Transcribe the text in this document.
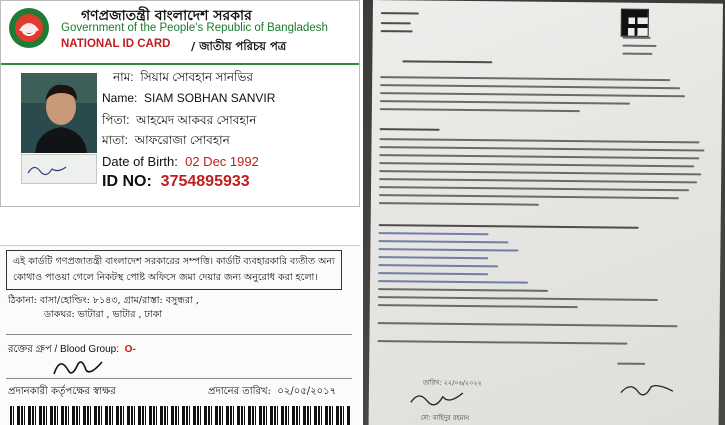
গণপ্রজাতন্ত্রী বাংলাদেশ সরকার
Government of the People's Republic of Bangladesh
NATIONAL ID CARD / জাতীয় পরিচয় পত্র
নাম: সিয়াম সোবহান সানভির
Name: SIAM SOBHAN SANVIR
পিতা: আহমেদ আকবর সোবহান
মাতা: আফরোজা সোবহান
Date of Birth: 02 Dec 1992
ID NO: 3754895933
এই কার্ডটি গণপ্রজাতন্ত্রী বাংলাদেশ সরকারের সম্পত্তি। কার্ডটি ব্যবহারকারি ব্যতীত অন্য কোথাও পাওয়া গেলে নিকটস্থ পোষ্ট অফিসে জমা দেয়ার জন্য অনুরোধ করা হলো।
ঠিকানা: বাসা/হোল্ডিং: ৮১৪৩, গ্রাম/রাস্তা: বসুন্ধরা ,
ডাকঘর: ভাটারা , ভাটার , ঢাকা
রক্তের গ্রুপ / Blood Group: O-
প্রদানকারী কর্তৃপক্ষের স্বাক্ষর	প্রদানের তারিখ: ০২/০৫/২০১৭
তারিখ: ২২/০৬/২০২২
মো: মাহিদুর রহমান
